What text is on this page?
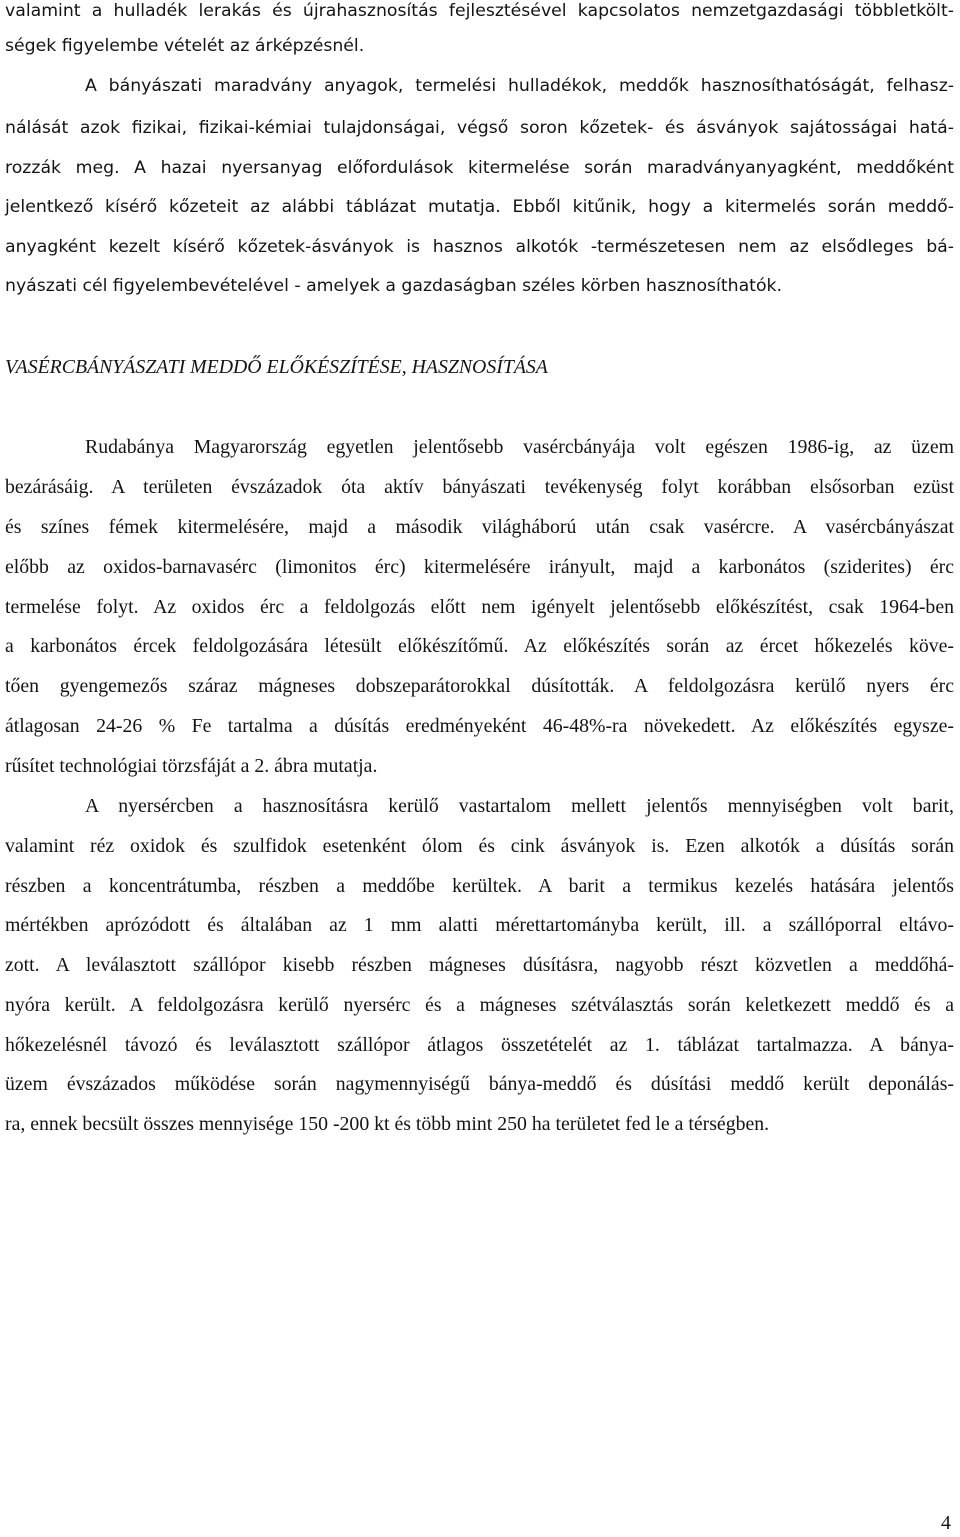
valamint a hulladék lerakás és újrahasznosítás fejlesztésével kapcsolatos nemzetgazdasági többletkölt-
ségek figyelembe vételét az árképzésnél.
A bányászati maradvány anyagok, termelési hulladékok, meddők hasznosíthatóságát, felhasz-
nálását azok fizikai, fizikai-kémiai tulajdonságai, végső soron kőzetek- és ásványok sajátosságai hatá-
rozzák meg. A hazai nyersanyag előfordulások kitermelése során maradványanyagként, meddőként
jelentkező kísérő kőzeteit az alábbi táblázat mutatja. Ebből kitűnik, hogy a kitermelés során meddő-
anyagként kezelt kísérő kőzetek-ásványok is hasznos alkotók -természetesen nem az elsődleges bá-
nyászati cél figyelembevételével - amelyek a gazdaságban széles körben hasznosíthatók.
VASÉRCBÁNYÁSZATI MEDDŐ ELŐKÉSZÍTÉSE, HASZNOSÍTÁSA
Rudabánya Magyarország egyetlen jelentősebb vasércbányája volt egészen 1986-ig, az üzem
bezárásáig. A területen évszázadok óta aktív bányászati tevékenység folyt korábban elsősorban ezüst
és színes fémek kitermelésére, majd a második világháború után csak vasércre. A vasércbányászat
előbb az oxidos-barnavasérc (limonitos érc) kitermelésére irányult, majd a karbonátos (sziderites) érc
termelése folyt. Az oxidos érc a feldolgozás előtt nem igényelt jelentősebb előkészítést, csak 1964-ben
a karbonátos ércek feldolgozására létesült előkészítőmű. Az előkészítés során az ércet hőkezelés köve-
tően gyengemezős száraz mágneses dobszeparátorokkal dúsították. A feldolgozásra kerülő nyers érc
átlagosan 24-26 % Fe tartalma a dúsítás eredményeként 46-48%-ra növekedett. Az előkészítés egysze-
rűsítet technológiai törzsfáját a 2. ábra mutatja.
A nyersércben a hasznosításra kerülő vastartalom mellett jelentős mennyiségben volt barit,
valamint réz oxidok és szulfidok esetenként ólom és cink ásványok is. Ezen alkotók a dúsítás során
részben a koncentrátumba, részben a meddőbe kerültek. A barit a termikus kezelés hatására jelentős
mértékben aprózódott és általában az 1 mm alatti mérettartományba került, ill. a szállóporral eltávo-
zott. A leválasztott szállópor kisebb részben mágneses dúsításra, nagyobb részt közvetlen a meddőhá-
nyóra került. A feldolgozásra kerülő nyersérc és a mágneses szétválasztás során keletkezett meddő és a
hőkezelésnél távozó és leválasztott szállópor átlagos összetételét az 1. táblázat tartalmazza. A bánya-
üzem évszázados működése során nagymennyiségű bánya-meddő és dúsítási meddő került deponálás-
ra, ennek becsült összes mennyisége 150 -200 kt és több mint 250 ha területet fed le a térségben.
4
